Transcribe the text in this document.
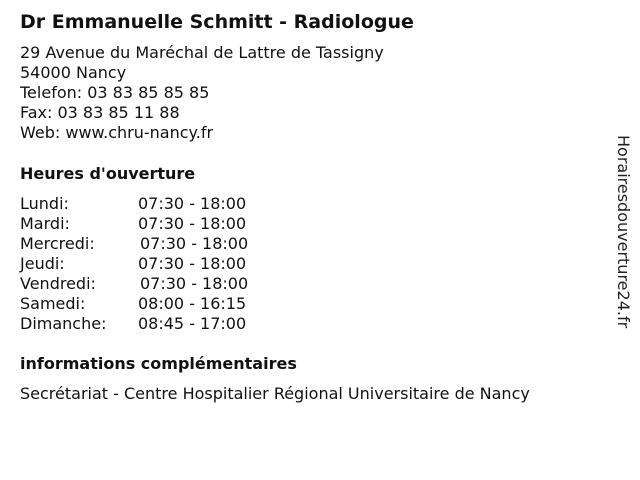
Dr Emmanuelle Schmitt - Radiologue
29 Avenue du Maréchal de Lattre de Tassigny
54000 Nancy
Telefon: 03 83 85 85 85
Fax: 03 83 85 11 88
Web: www.chru-nancy.fr
Heures d'ouverture
Lundi:	07:30 - 18:00
Mardi:	07:30 - 18:00
Mercredi:	07:30 - 18:00
Jeudi:	07:30 - 18:00
Vendredi:	07:30 - 18:00
Samedi:	08:00 - 16:15
Dimanche: 08:45 - 17:00
informations complémentaires
Secrétariat - Centre Hospitalier Régional Universitaire de Nancy
Horairesdouverture24.fr
